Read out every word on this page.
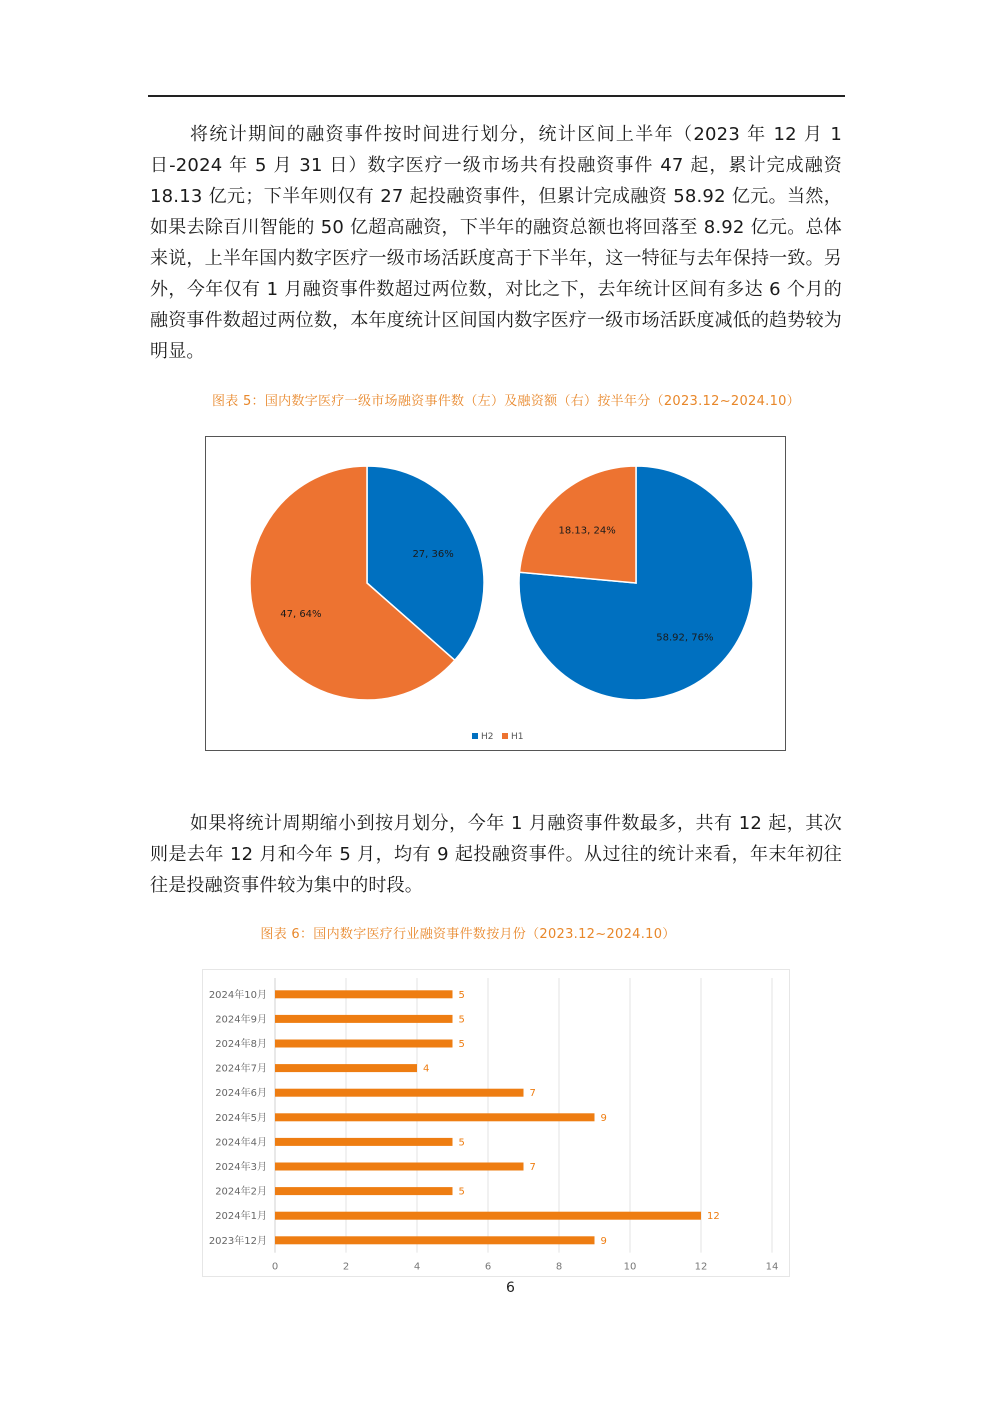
将统计期间的融资事件按时间进行划分，统计区间上半年（2023 年 12 月 1 日-2024 年 5 月 31 日）数字医疗一级市场共有投融资事件 47 起，累计完成融资 18.13 亿元；下半年则仅有 27 起投融资事件，但累计完成融资 58.92 亿元。当然，如果去除百川智能的 50 亿超高融资，下半年的融资总额也将回落至 8.92 亿元。总体来说，上半年国内数字医疗一级市场活跃度高于下半年，这一特征与去年保持一致。另外，今年仅有 1 月融资事件数超过两位数，对比之下，去年统计区间有多达 6 个月的融资事件数超过两位数，本年度统计区间国内数字医疗一级市场活跃度减低的趋势较为明显。

图表 5：国内数字医疗一级市场融资事件数（左）及融资额（右）按半年分（2023.12~2024.10）
27, 36%
47, 64%
58.92, 76%
18.13, 24%
H2 H1

如果将统计周期缩小到按月划分，今年 1 月融资事件数最多，共有 12 起，其次则是去年 12 月和今年 5 月，均有 9 起投融资事件。从过往的统计来看，年末年初往往是投融资事件较为集中的时段。

图表 6：国内数字医疗行业融资事件数按月份（2023.12~2024.10）
0	2	4	6	8	10	12	14
2024年10月	5
2024年9月	5
2024年8月	5
2024年7月	4
2024年6月	7
2024年5月	9
2024年4月	5
2024年3月	7
2024年2月	5
2024年1月	12
2023年12月	9
6
